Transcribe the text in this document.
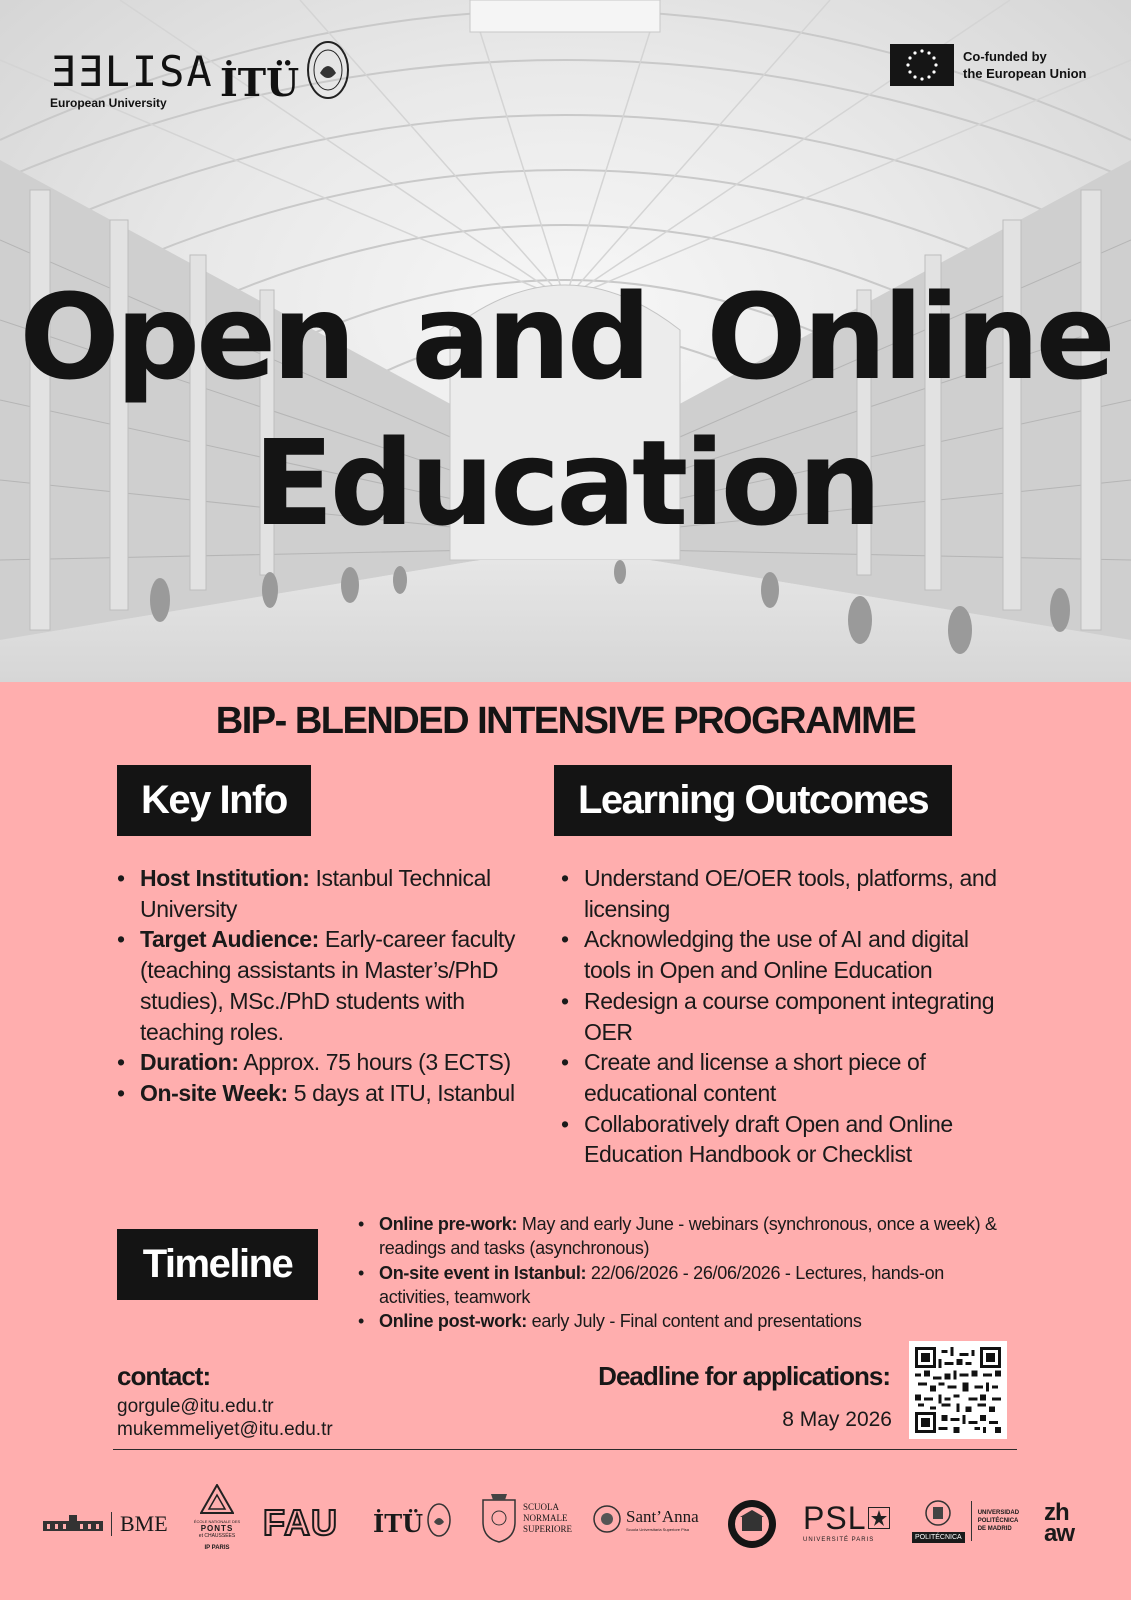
ƎƎLISA
European University	İTÜ
Co-funded by
the European Union
Open and Online
Education
BIP- BLENDED INTENSIVE PROGRAMME
Key Info
• Host Institution: Istanbul Technical University
• Target Audience: Early-career faculty (teaching assistants in Master’s/PhD studies), MSc./PhD students with teaching roles.
• Duration: Approx. 75 hours (3 ECTS)
• On-site Week: 5 days at ITU, Istanbul
Learning Outcomes
• Understand OE/OER tools, platforms, and licensing
• Acknowledging the use of AI and digital tools in Open and Online Education
• Redesign a course component integrating OER
• Create and license a short piece of educational content
• Collaboratively draft Open and Online Education Handbook or Checklist
Timeline
• Online pre-work: May and early June - webinars (synchronous, once a week) & readings and tasks (asynchronous)
• On-site event in Istanbul: 22/06/2026 - 26/06/2026 - Lectures, hands-on activities, teamwork
• Online post-work: early July - Final content and presentations
contact:
gorgule@itu.edu.tr
mukemmeliyet@itu.edu.tr
Deadline for applications:
8 May 2026
BME	ÉCOLE NATIONALE DES
PONTS
et CHAUSSÉES
IP PARIS
FAU İTÜ
SCUOLA
NORMALE
SUPERIORE
Sant’Anna
Scuola Universitaria Superiore Pisa	PSL
UNIVERSITÉ PARIS	POLITÉCNICA
UNIVERSIDAD
POLITÉCNICA
DE MADRID
zh
aw
